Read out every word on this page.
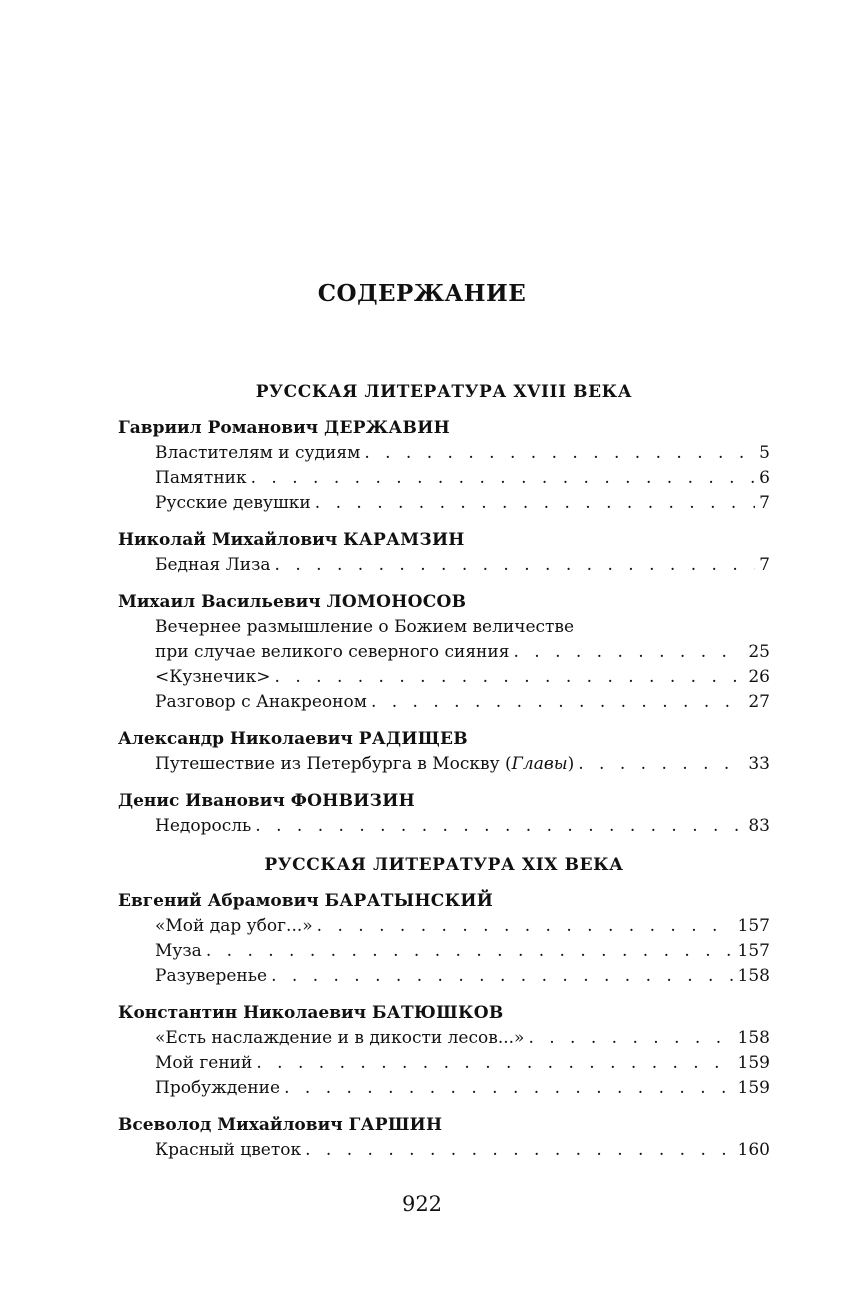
СОДЕРЖАНИЕ
РУССКАЯ ЛИТЕРАТУРА XVIII ВЕКА
Гавриил Романович ДЕРЖАВИН
Властителям и судиям . . .	5
Памятник . . .	6
Русские девушки . . .	7
Николай Михайлович КАРАМЗИН
Бедная Лиза . . .	7
Михаил Васильевич ЛОМОНОСОВ
Вечернее размышление о Божием величестве
при случае великого северного сияния . . .	25
<Кузнечик> . . .	26
Разговор с Анакреоном . . .	27
Александр Николаевич РАДИЩЕВ
Путешествие из Петербурга в Москву (Главы) . . .	33
Денис Иванович ФОНВИЗИН
Недоросль . . .	83
РУССКАЯ ЛИТЕРАТУРА XIX ВЕКА
Евгений Абрамович БАРАТЫНСКИЙ
«Мой дар убог...» . . .	157
Муза . . .	157
Разуверенье . . .	158
Константин Николаевич БАТЮШКОВ
«Есть наслаждение и в дикости лесов...» . . .	158
Мой гений . . .	159
Пробуждение . . .	159
Всеволод Михайлович ГАРШИН
Красный цветок . . .	160
922
